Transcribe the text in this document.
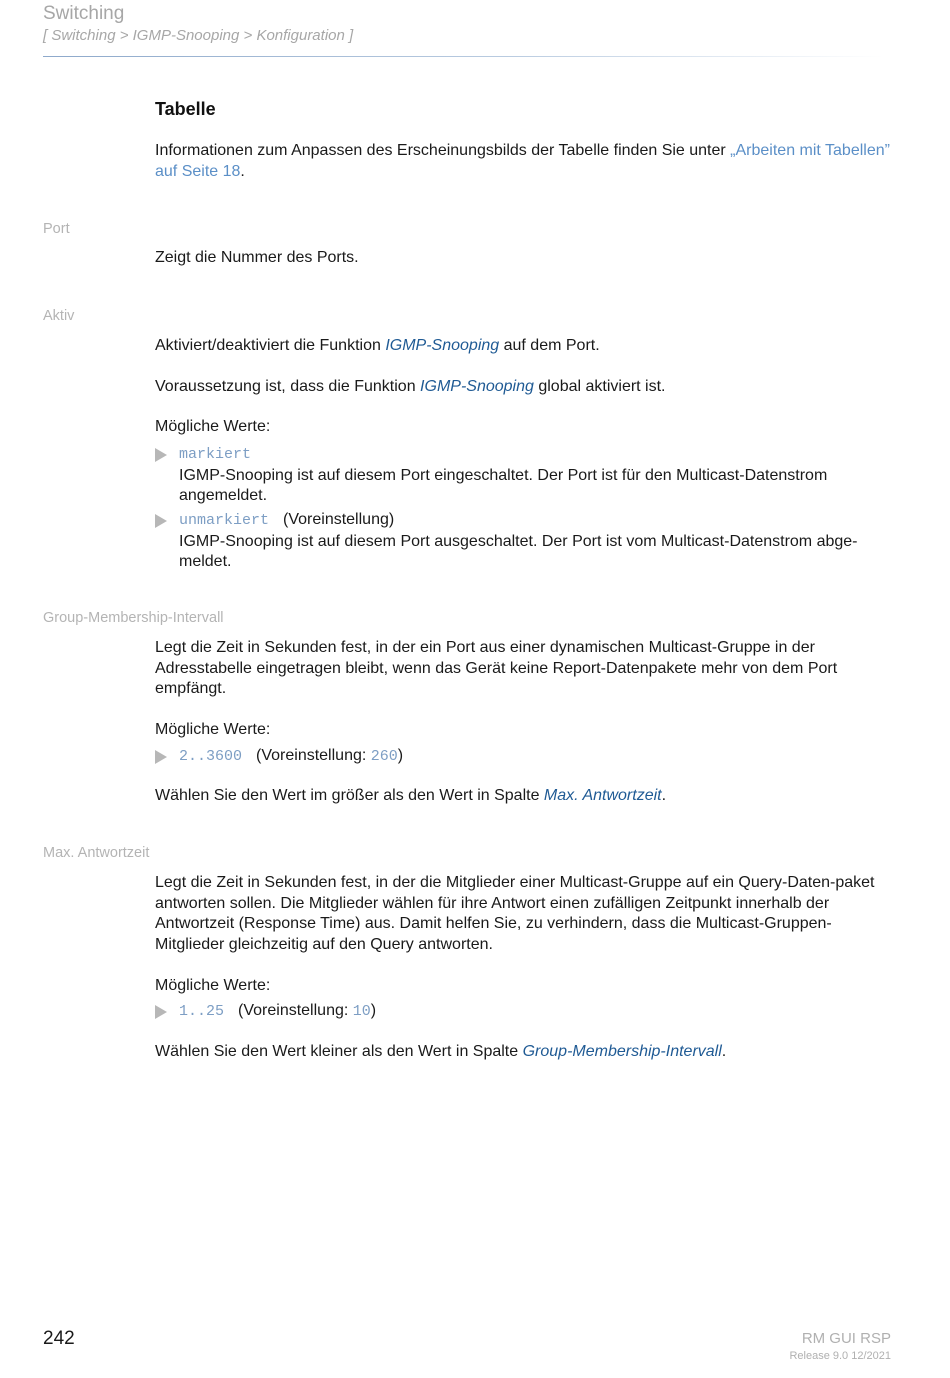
Switching
[ Switching > IGMP-Snooping > Konfiguration ]
Tabelle
Informationen zum Anpassen des Erscheinungsbilds der Tabelle finden Sie unter „Arbeiten mit Tabellen” auf Seite 18.
Port
Zeigt die Nummer des Ports.
Aktiv
Aktiviert/deaktiviert die Funktion IGMP-Snooping auf dem Port.
Voraussetzung ist, dass die Funktion IGMP-Snooping global aktiviert ist.
Mögliche Werte:
markiert
IGMP-Snooping ist auf diesem Port eingeschaltet. Der Port ist für den Multicast-Datenstrom angemeldet.
unmarkiert (Voreinstellung)
IGMP-Snooping ist auf diesem Port ausgeschaltet. Der Port ist vom Multicast-Datenstrom abge-meldet.
Group-Membership-Intervall
Legt die Zeit in Sekunden fest, in der ein Port aus einer dynamischen Multicast-Gruppe in der Adresstabelle eingetragen bleibt, wenn das Gerät keine Report-Datenpakete mehr von dem Port empfängt.
Mögliche Werte:
2..3600 (Voreinstellung: 260)
Wählen Sie den Wert im größer als den Wert in Spalte Max. Antwortzeit.
Max. Antwortzeit
Legt die Zeit in Sekunden fest, in der die Mitglieder einer Multicast-Gruppe auf ein Query-Daten-paket antworten sollen. Die Mitglieder wählen für ihre Antwort einen zufälligen Zeitpunkt innerhalb der Antwortzeit (Response Time) aus. Damit helfen Sie, zu verhindern, dass die Multicast-Gruppen-Mitglieder gleichzeitig auf den Query antworten.
Mögliche Werte:
1..25 (Voreinstellung: 10)
Wählen Sie den Wert kleiner als den Wert in Spalte Group-Membership-Intervall.
242	RM GUI RSP
Release 9.0 12/2021
